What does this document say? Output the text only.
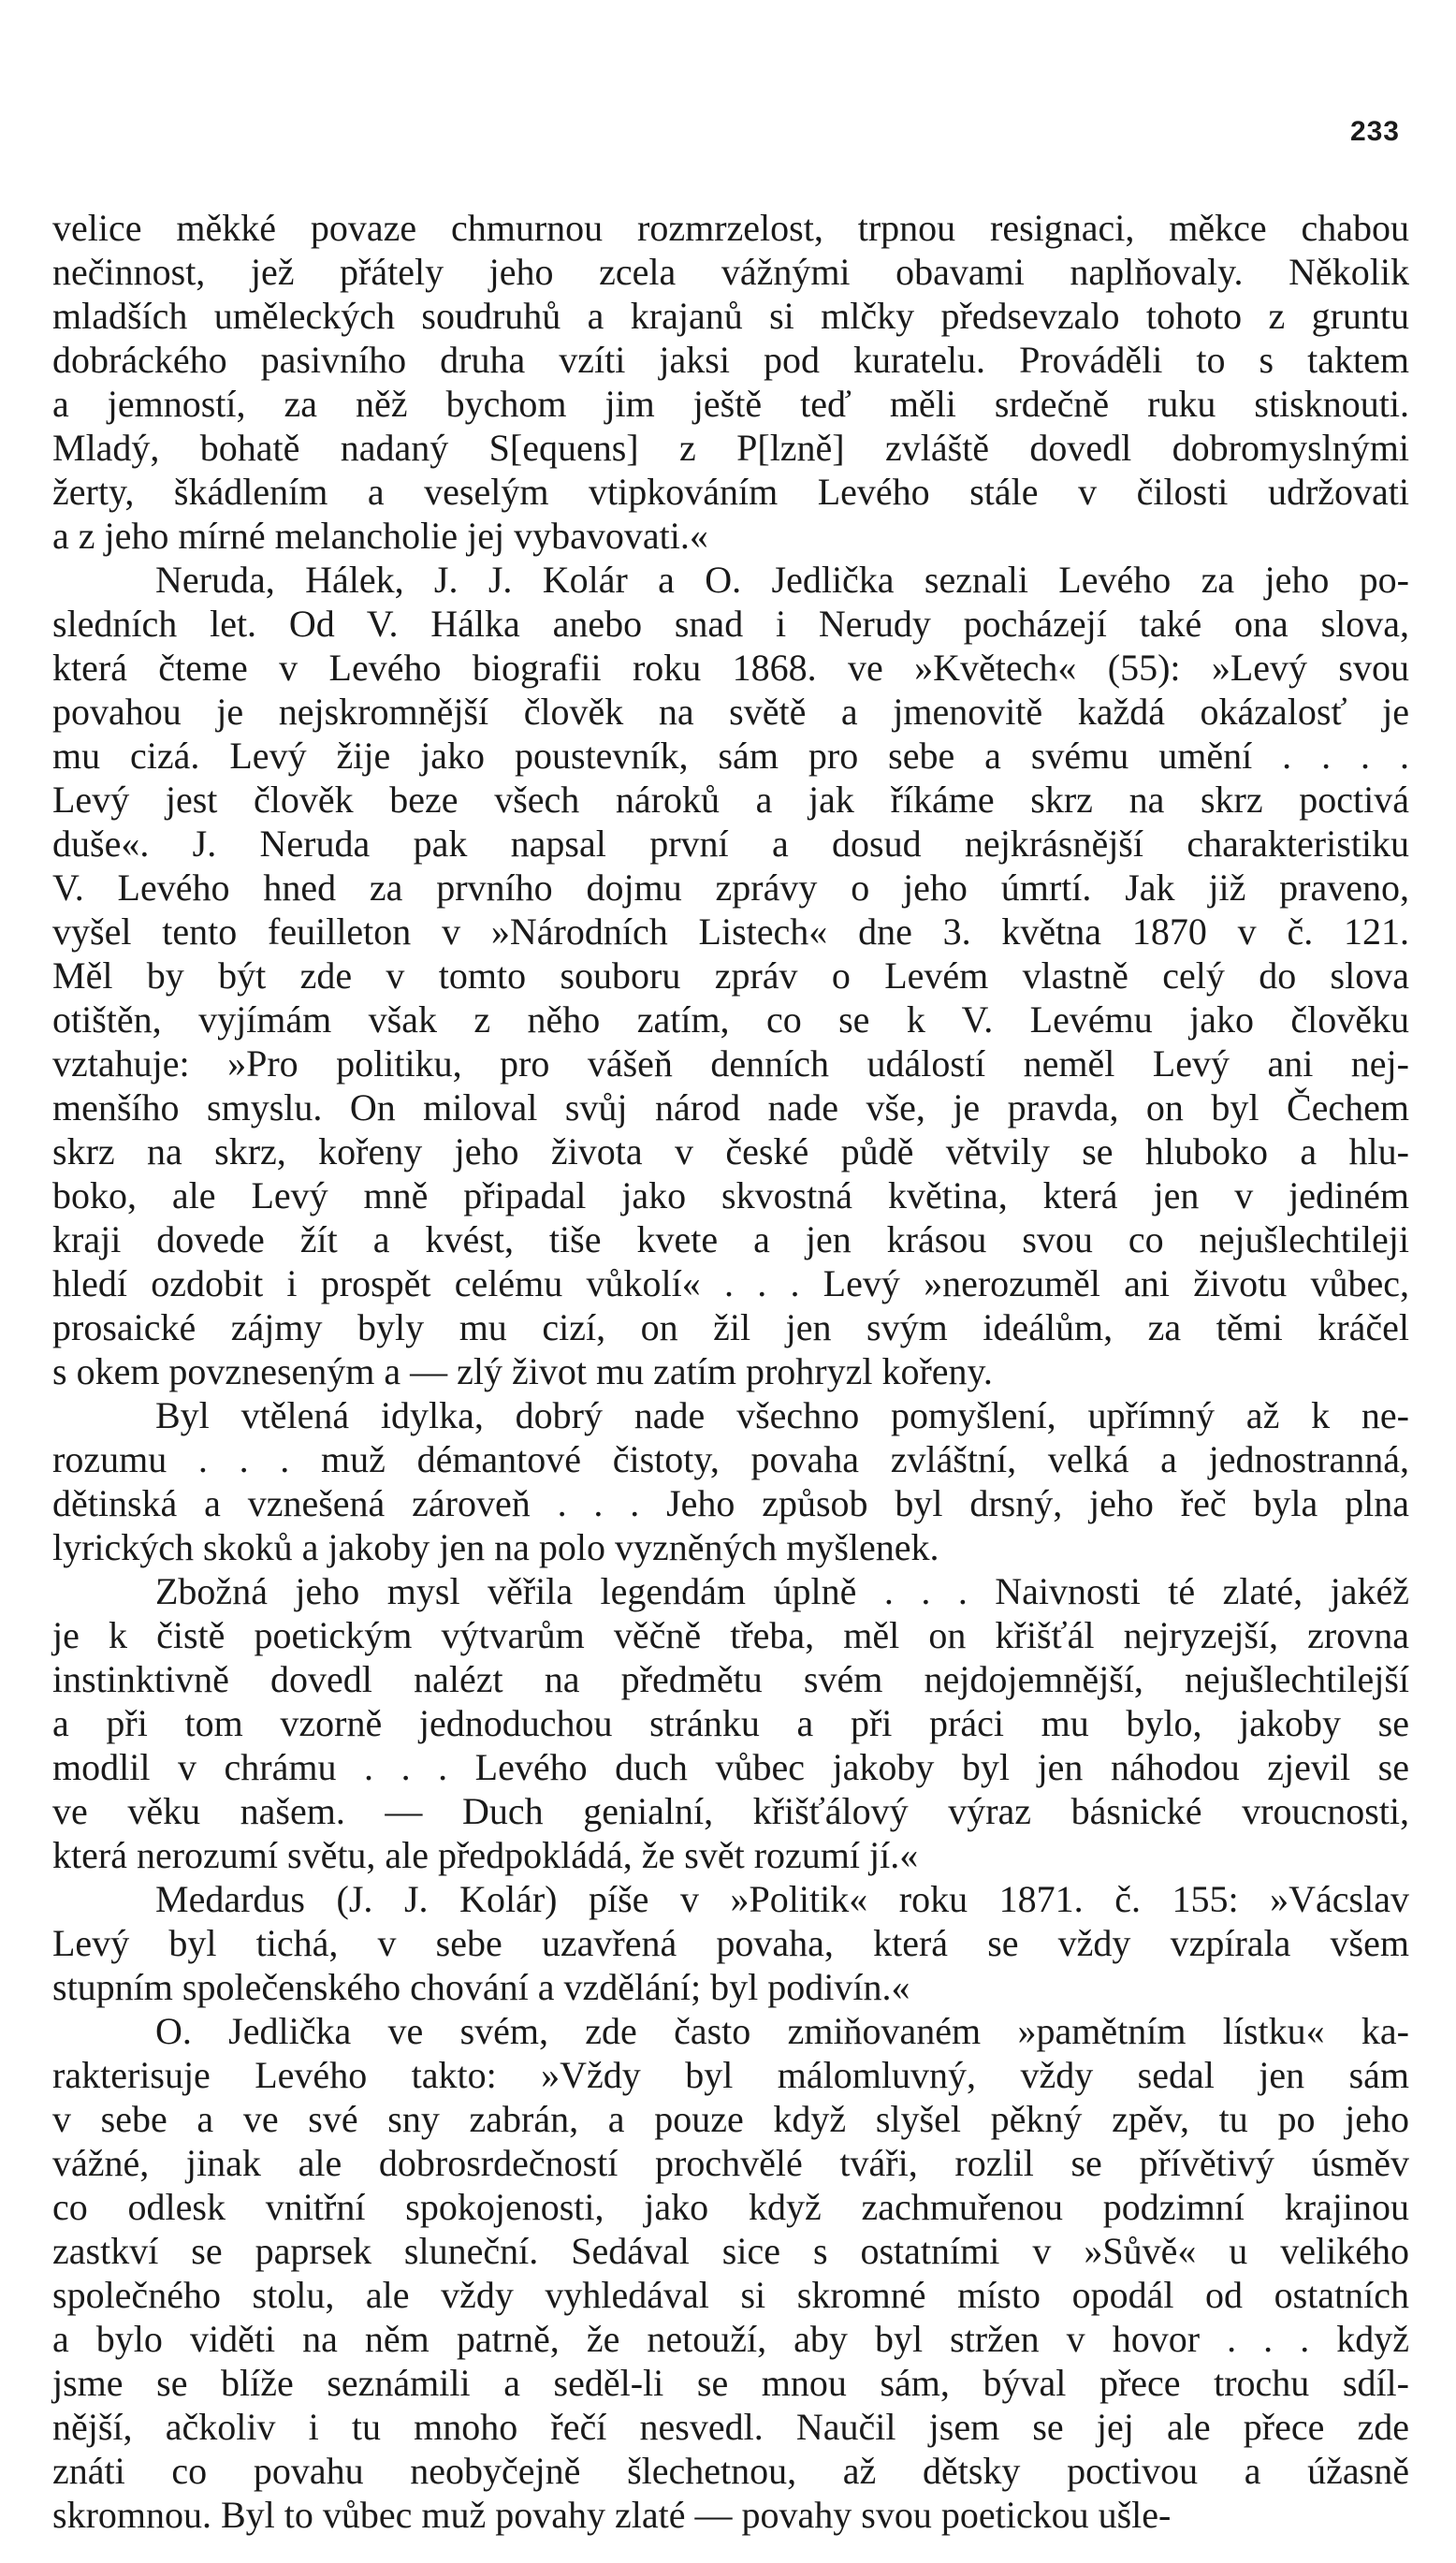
233
velice měkké povaze chmurnou rozmrzelost, trpnou resignaci, měkce chabou
nečinnost, jež přátely jeho zcela vážnými obavami naplňovaly. Několik
mladších uměleckých soudruhů a krajanů si mlčky předsevzalo tohoto z gruntu
dobráckého pasivního druha vzíti jaksi pod kuratelu. Prováděli to s taktem
a jemností, za něž bychom jim ještě teď měli srdečně ruku stisknouti.
Mladý, bohatě nadaný S[equens] z P[lzně] zvláště dovedl dobromyslnými
žerty, škádlením a veselým vtipkováním Levého stále v čilosti udržovati
a z jeho mírné melancholie jej vybavovati.«
Neruda, Hálek, J. J. Kolár a O. Jedlička seznali Levého za jeho po-
sledních let. Od V. Hálka anebo snad i Nerudy pocházejí také ona slova,
která čteme v Levého biografii roku 1868. ve »Květech« (55): »Levý svou
povahou je nejskromnější člověk na světě a jmenovitě každá okázalosť je
mu cizá. Levý žije jako poustevník, sám pro sebe a svému umění . . . .
Levý jest člověk beze všech nároků a jak říkáme skrz na skrz poctivá
duše«. J. Neruda pak napsal první a dosud nejkrásnější charakteristiku
V. Levého hned za prvního dojmu zprávy o jeho úmrtí. Jak již praveno,
vyšel tento feuilleton v »Národních Listech« dne 3. května 1870 v č. 121.
Měl by být zde v tomto souboru zpráv o Levém vlastně celý do slova
otištěn, vyjímám však z něho zatím, co se k V. Levému jako člověku
vztahuje: »Pro politiku, pro vášeň denních událostí neměl Levý ani nej-
menšího smyslu. On miloval svůj národ nade vše, je pravda, on byl Čechem
skrz na skrz, kořeny jeho života v české půdě větvily se hluboko a hlu-
boko, ale Levý mně připadal jako skvostná květina, která jen v jediném
kraji dovede žít a kvést, tiše kvete a jen krásou svou co nejušlechtileji
hledí ozdobit i prospět celému vůkolí« . . . Levý »nerozuměl ani životu vůbec,
prosaické zájmy byly mu cizí, on žil jen svým ideálům, za těmi kráčel
s okem povzneseným a — zlý život mu zatím prohryzl kořeny.
Byl vtělená idylka, dobrý nade všechno pomyšlení, upřímný až k ne-
rozumu . . . muž démantové čistoty, povaha zvláštní, velká a jednostranná,
dětinská a vznešená zároveň . . . Jeho způsob byl drsný, jeho řeč byla plna
lyrických skoků a jakoby jen na polo vyzněných myšlenek.
Zbožná jeho mysl věřila legendám úplně . . . Naivnosti té zlaté, jakéž
je k čistě poetickým výtvarům věčně třeba, měl on křišťál nejryzejší, zrovna
instinktivně dovedl nalézt na předmětu svém nejdojemnější, nejušlechtilejší
a při tom vzorně jednoduchou stránku a při práci mu bylo, jakoby se
modlil v chrámu . . . Levého duch vůbec jakoby byl jen náhodou zjevil se
ve věku našem. — Duch genialní, křišťálový výraz básnické vroucnosti,
která nerozumí světu, ale předpokládá, že svět rozumí jí.«
Medardus (J. J. Kolár) píše v »Politik« roku 1871. č. 155: »Vácslav
Levý byl tichá, v sebe uzavřená povaha, která se vždy vzpírala všem
stupním společenského chování a vzdělání; byl podivín.«
O. Jedlička ve svém, zde často zmiňovaném »pamětním lístku« ka-
rakterisuje Levého takto: »Vždy byl málomluvný, vždy sedal jen sám
v sebe a ve své sny zabrán, a pouze když slyšel pěkný zpěv, tu po jeho
vážné, jinak ale dobrosrdečností prochvělé tváři, rozlil se přívětivý úsměv
co odlesk vnitřní spokojenosti, jako když zachmuřenou podzimní krajinou
zastkví se paprsek sluneční. Sedával sice s ostatními v »Sůvě« u velikého
společného stolu, ale vždy vyhledával si skromné místo opodál od ostatních
a bylo viděti na něm patrně, že netouží, aby byl stržen v hovor . . . když
jsme se blíže seznámili a seděl-li se mnou sám, býval přece trochu sdíl-
nější, ačkoliv i tu mnoho řečí nesvedl. Naučil jsem se jej ale přece zde
znáti co povahu neobyčejně šlechetnou, až dětsky poctivou a úžasně
skromnou. Byl to vůbec muž povahy zlaté — povahy svou poetickou ušle-
